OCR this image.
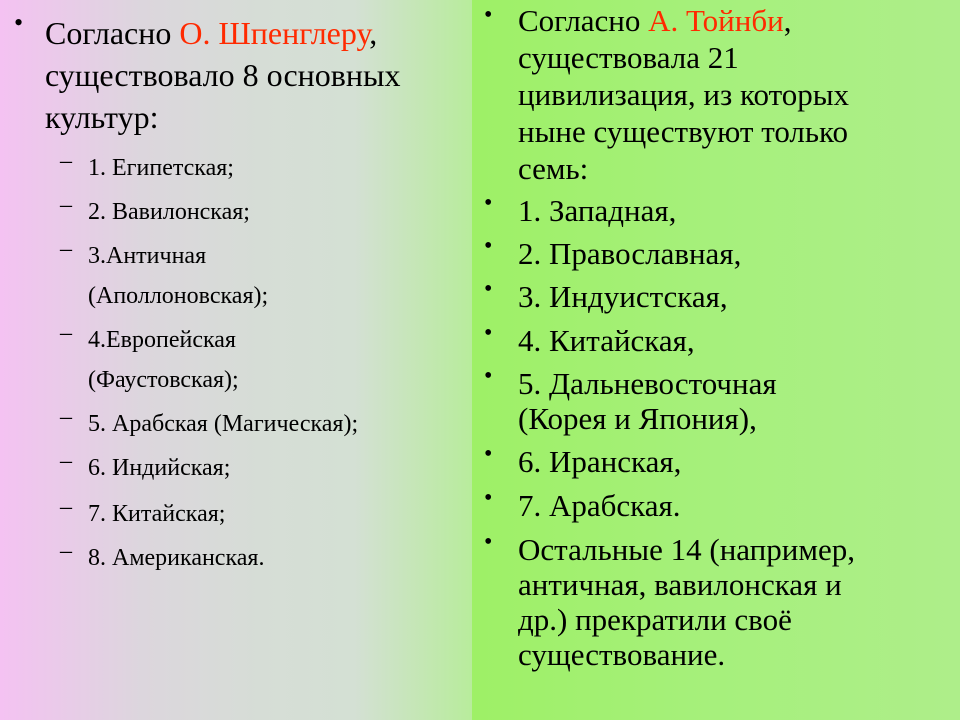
• Согласно О. Шпенглеру,
существовало 8 основных
культур:
– 1. Египетская;
– 2. Вавилонская;
– 3.Античная
(Аполлоновская);
– 4.Европейская
(Фаустовская);
– 5. Арабская (Магическая);
– 6. Индийская;
– 7. Китайская;
– 8. Американская.
• Согласно А. Тойнби,
существовала 21
цивилизация, из которых
ныне существуют только
семь:
• 1. Западная,
• 2. Православная,
• 3. Индуистская,
• 4. Китайская,
• 5. Дальневосточная
(Корея и Япония),
• 6. Иранская,
• 7. Арабская.
• Остальные 14 (например,
античная, вавилонская и
др.) прекратили своё
существование.
